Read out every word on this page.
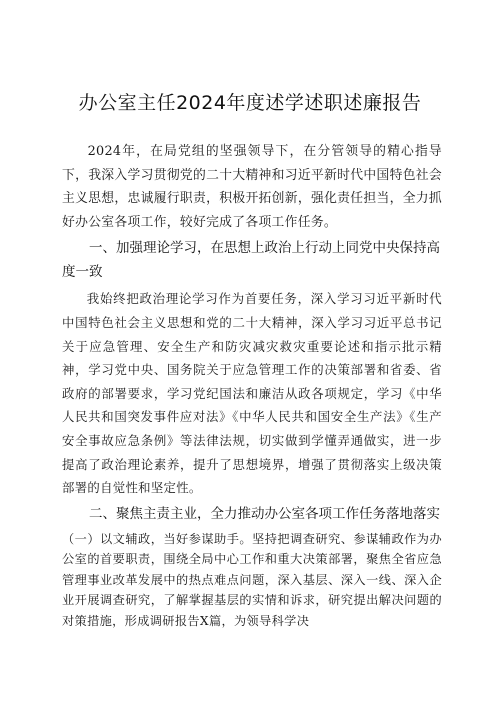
办公室主任2024年度述学述职述廉报告

2024年，在局党组的坚强领导下，在分管领导的精心指导下，我深入学习贯彻党的二十大精神和习近平新时代中国特色社会主义思想，忠诚履行职责，积极开拓创新，强化责任担当，全力抓好办公室各项工作，较好完成了各项工作任务。

一、加强理论学习，在思想上政治上行动上同党中央保持高度一致

我始终把政治理论学习作为首要任务，深入学习习近平新时代中国特色社会主义思想和党的二十大精神，深入学习习近平总书记关于应急管理、安全生产和防灾减灾救灾重要论述和指示批示精神，学习党中央、国务院关于应急管理工作的决策部署和省委、省政府的部署要求，学习党纪国法和廉洁从政各项规定，学习《中华人民共和国突发事件应对法》《中华人民共和国安全生产法》《生产安全事故应急条例》等法律法规，切实做到学懂弄通做实，进一步提高了政治理论素养，提升了思想境界，增强了贯彻落实上级决策部署的自觉性和坚定性。

二、聚焦主责主业，全力推动办公室各项工作任务落地落实

（一）以文辅政，当好参谋助手。坚持把调查研究、参谋辅政作为办公室的首要职责，围绕全局中心工作和重大决策部署，聚焦全省应急管理事业改革发展中的热点难点问题，深入基层、深入一线、深入企业开展调查研究，了解掌握基层的实情和诉求，研究提出解决问题的对策措施，形成调研报告X篇，为领导科学决
